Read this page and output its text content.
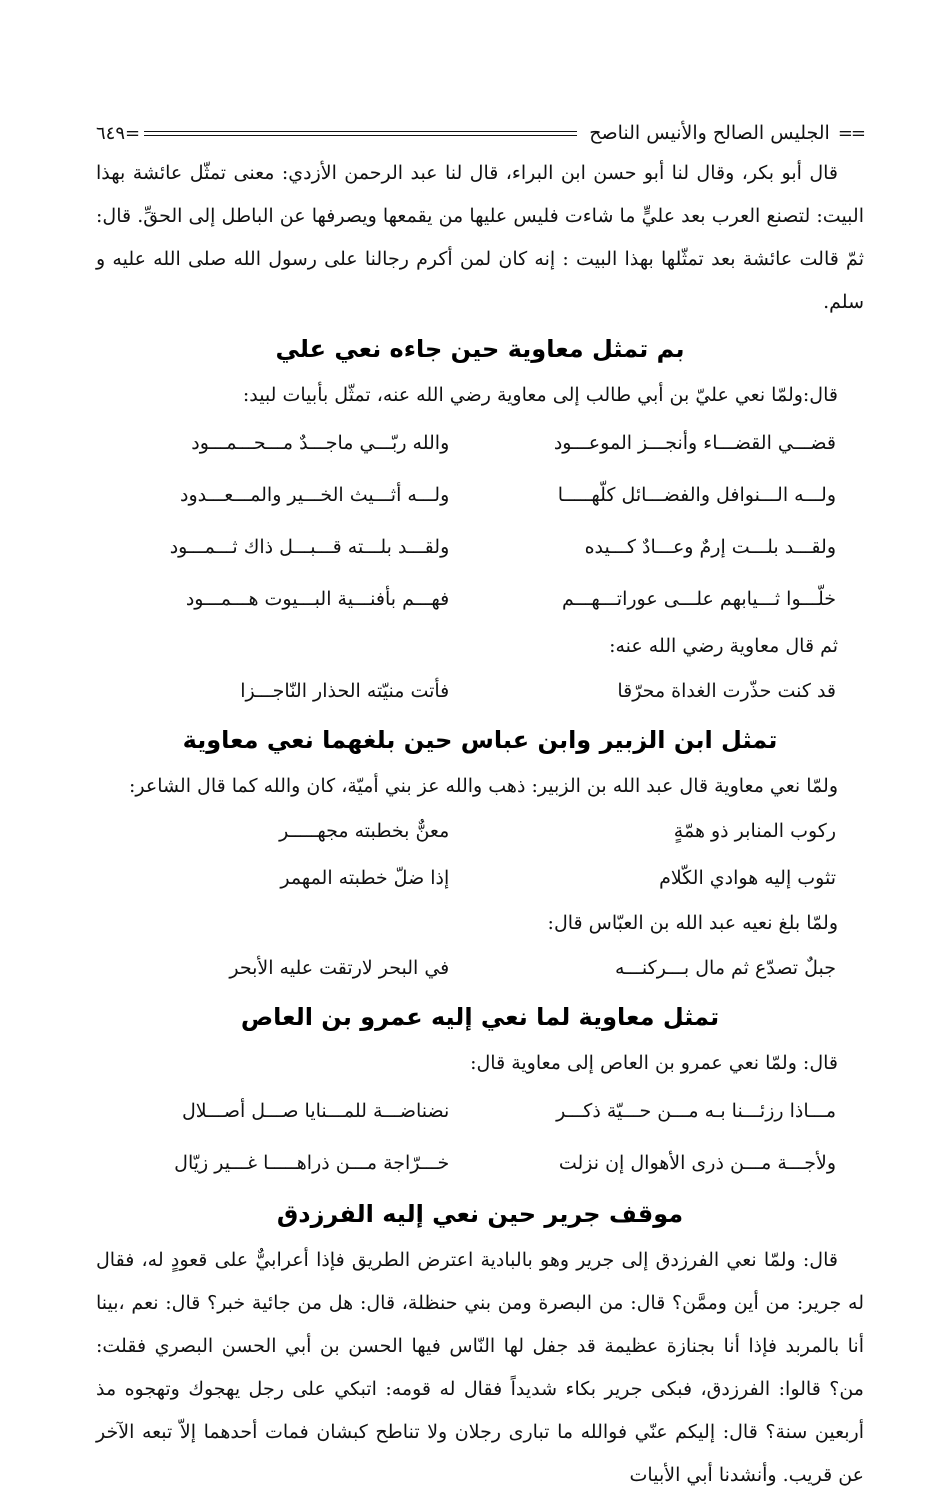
==
الجليس الصالح والأنيس الناصح
=٦٤٩

قال أبو بكر، وقال لنا أبو حسن ابن البراء، قال لنا عبد الرحمن الأزدي: معنى تمثّل عائشة بهذا البيت: لتصنع العرب بعد عليٍّ ما شاءت فليس عليها من يقمعها ويصرفها عن الباطل إلى الحقِّ. قال: ثمّ قالت عائشة بعد تمثّلها بهذا البيت : إنه كان لمن أكرم رجالنا على رسول الله صلى الله عليه و سلم.

بم تمثل معاوية حين جاءه نعي علي

قال:ولمّا نعي عليّ بن أبي طالب إلى معاوية رضي الله عنه، تمثّل بأبيات لبيد:

قضـــي القضـــاء وأنجـــز الموعـــود
والله ربّـــي ماجـــدٌ مـــحـــمـــود
ولـــه الـــنوافل والفضـــائل كلّهـــــا
ولـــه أثـــيث الخـــير والمـــعـــدود
ولقـــد بلـــت إرمٌ وعـــادٌ كـــيده
ولقـــد بلـــته قـــبـــل ذاك ثـــمـــود
خلّـــوا ثـــيابهم علـــى عوراتـــهـــم
فهـــم بأفنـــية البـــيوت هـــمـــود

ثم قال معاوية رضي الله عنه:

قد كنت حذّرت الغداة محرّقا
فأتت منيّته الحذار النّاجـــزا
تمثل ابن الزبير وابن عباس حين بلغهما نعي معاوية

ولمّا نعي معاوية قال عبد الله بن الزبير: ذهب والله عز بني أميّة، كان والله كما قال الشاعر:

ركوب المنابر ذو همّةٍ
معنٌّ بخطبته مجهـــــر
تثوب إليه هوادي الكّلام
إذا ضلّ خطبته المهمر

ولمّا بلغ نعيه عبد الله بن العبّاس قال:

جبلٌ تصدّع ثم مال بـــركنـــه
في البحر لارتقت عليه الأبحر
تمثل معاوية لما نعي إليه عمرو بن العاص

قال: ولمّا نعي عمرو بن العاص إلى معاوية قال:

مـــاذا رزئـــنا بـه مـــن حـــيّة ذكـــر
نضناضـــة للمـــنايا صـــل أصـــلال
ولأجـــة مـــن ذرى الأهوال إن نزلت
خـــرّاجة مـــن ذراهـــــا غـــير زيّال
موقف جرير حين نعي إليه الفرزدق

قال: ولمّا نعي الفرزدق إلى جرير وهو بالبادية اعترض الطريق فإذا أعرابيٌّ على قعودٍ له، فقال له جرير: من أين وممَّن؟ قال: من البصرة ومن بني حنظلة، قال: هل من جائية خبر؟ قال: نعم ،بينا أنا بالمربد فإذا أنا بجنازة عظيمة قد جفل لها النّاس فيها الحسن بن أبي الحسن البصري فقلت: من؟ قالوا: الفرزدق، فبكى جرير بكاء شديداً فقال له قومه: اتبكي على رجل يهجوك وتهجوه مذ أربعين سنة؟ قال: إليكم عنّي فوالله ما تبارى رجلان ولا تناطح كبشان فمات أحدهما إلاّ تبعه الآخر عن قريب. وأنشدنا أبي الأبيات
